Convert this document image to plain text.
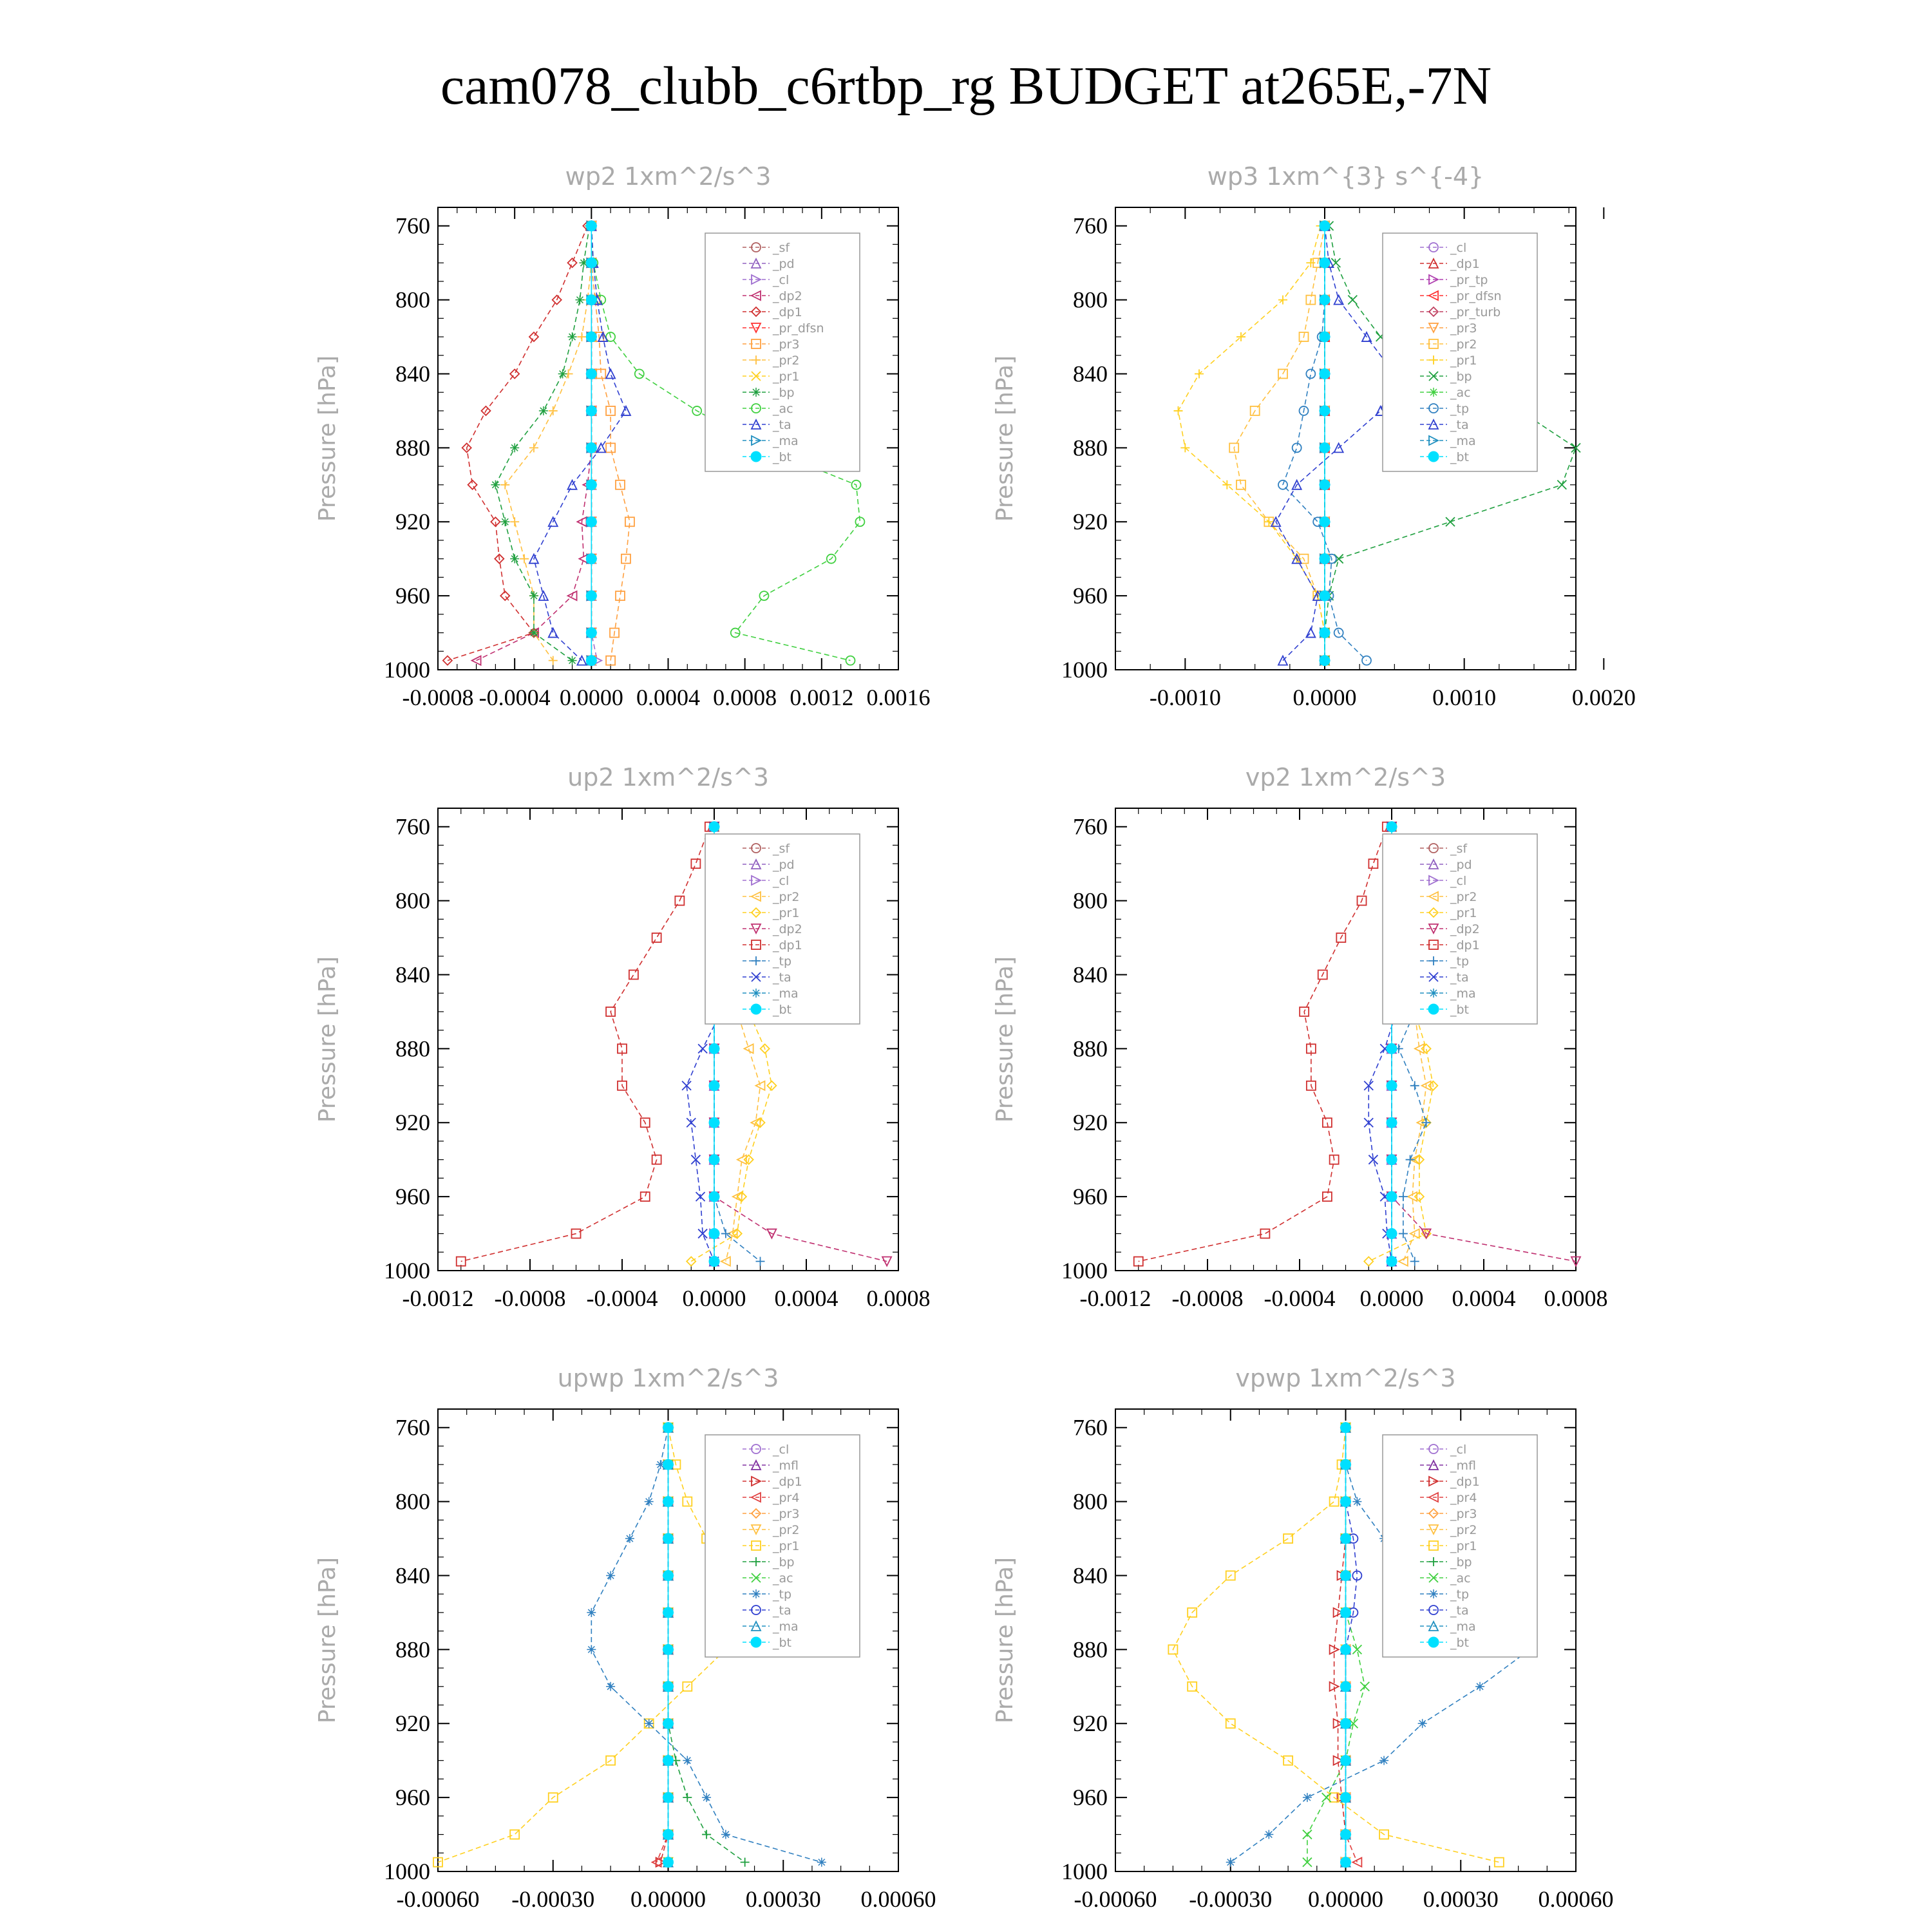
cam078_clubb_c6rtbp_rg BUDGET at265E,-7N
760
800
840
880
920
960
1000
-0.0008 -0.0004 0.0000 0.0004 0.0008 0.0012 0.0016
wp2 1xm^2/s^3
Pressure [hPa]
_sf
_pd
_cl
_dp2
_dp1
_pr_dfsn
_pr3
_pr2
_pr1
_bp
_ac
_ta
_ma
_bt
760
800
840
880
920
960
1000
-0.0010	0.0000	0.0010	0.0020
wp3 1xm^{3} s^{-4}
Pressure [hPa]
_cl
_dp1
_pr_tp
_pr_dfsn
_pr_turb
_pr3
_pr2
_pr1
_bp
_ac
_tp
_ta
_ma
_bt
760
800
840
880
920
960
1000
-0.0012 -0.0008 -0.0004 0.0000 0.0004 0.0008
up2 1xm^2/s^3
Pressure [hPa]
_sf
_pd
_cl
_pr2
_pr1
_dp2
_dp1
_tp
_ta
_ma
_bt
760
800
840
880
920
960
1000
-0.0012 -0.0008 -0.0004 0.0000 0.0004 0.0008
vp2 1xm^2/s^3
Pressure [hPa]
_sf
_pd
_cl
_pr2
_pr1
_dp2
_dp1
_tp
_ta
_ma
_bt
760
800
840
880
920
960
1000
-0.00060 -0.00030 0.00000 0.00030 0.00060
upwp 1xm^2/s^3
Pressure [hPa]
_cl
_mfl
_dp1
_pr4
_pr3
_pr2
_pr1
_bp
_ac
_tp
_ta
_ma
_bt
760
800
840
880
920
960
1000
-0.00060 -0.00030 0.00000 0.00030 0.00060
vpwp 1xm^2/s^3
Pressure [hPa]
_cl
_mfl
_dp1
_pr4
_pr3
_pr2
_pr1
_bp
_ac
_tp
_ta
_ma
_bt
